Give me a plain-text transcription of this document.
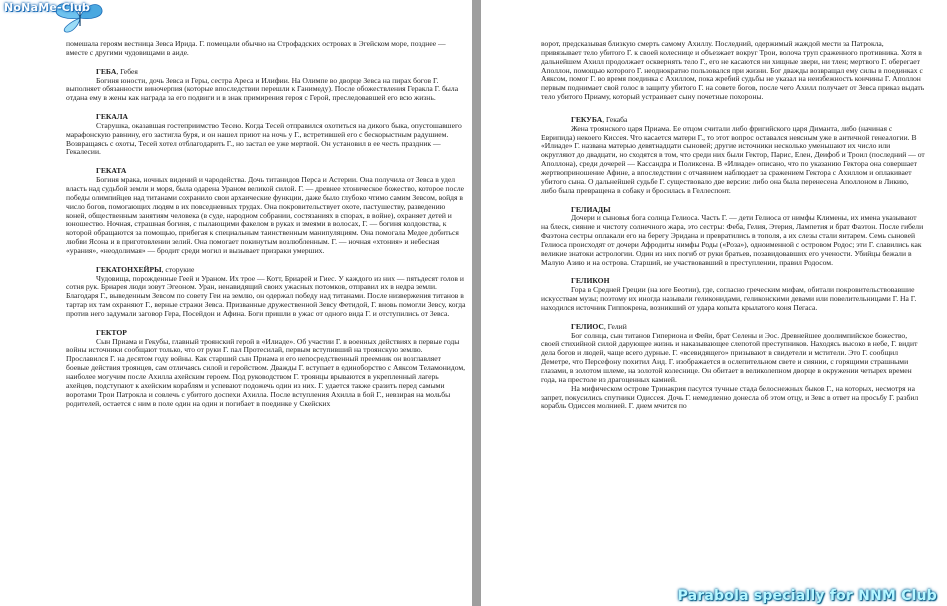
помешала героям вестница Зевса Ирида. Г. помещали обычно на Строфадских островах в Эгейском море, позднее — вместе с другими чудовищами в аиде.

ГЕБА, Гебея

Богиня юности, дочь Зевса и Геры, сестра Ареса и Илифии. На Олимпе во дворце Зевса на пирах богов Г. выполняет обязанности виночерпия (которые впоследствии перешли к Ганимеду). После обожествления Геракла Г. была отдана ему в жены как награда за его подвиги и в знак примирения героя с Герой, преследовавшей его всю жизнь.

ГЕКАЛА

Старушка, оказавшая гостеприимство Тесею. Когда Тесей отправился охотиться на дикого быка, опустошавшего марафонскую равнину, его застигла буря, и он нашел приют на ночь у Г., встретившей его с бескорыстным радушием. Возвращаясь с охоты, Тесей хотел отблагодарить Г., но застал ее уже мертвой. Он установил в ее честь праздник — Гекалесии.

ГЕКАТА

Богиня мрака, ночных видений и чародейства. Дочь титанидов Перса и Астерии. Она получила от Зевса в удел власть над судьбой земли и моря, была одарена Ураном великой силой. Г. — древнее хтоническое божество, которое после победы олимпийцев над титанами сохранило свои архаические функции, даже было глубоко чтимо самим Зевсом, войдя в число богов, помогающих людям в их повседневных трудах. Она покровительствует охоте, пастушеству, разведению коней, общественным занятиям человека (в суде, народном собрании, состязаниях в спорах, в войне), охраняет детей и юношество. Ночная, страшная богиня, с пылающими факелом в руках и змеями в волосах, Г. — богиня колдовства, к которой обращаются за помощью, прибегая к специальным таинственным манипуляциям. Она помогала Медее добиться любви Ясона и в приготовлении зелий. Она помогает покинутым возлюбленным. Г. — ночная «хтония» и небесная «урания», «неодолимая» — бродит среди могил и вызывает призраки умерших.

ГЕКАТОНХЕЙРЫ, сторукие

Чудовища, порожденные Геей и Ураном. Их трое — Котт, Бриарей и Гиес. У каждого из них — пятьдесят голов и сотня рук. Бриарея люди зовут Эгеоном. Уран, ненавидящий своих ужасных потомков, отправил их в недра земли. Благодаря Г., выведенным Зевсом по совету Геи на землю, он одержал победу над титанами. После низвержения титанов в тартар их там охраняют Г., верные стражи Зевса. Призванные дружественной Зевсу Фетидой, Г. вновь помогли Зевсу, когда против него задумали заговор Гера, Посейдон и Афина. Боги пришли в ужас от одного вида Г. и отступились от Зевса.

ГЕКТОР

Сын Приама и Гекубы, главный троянский герой в «Илиаде». Об участии Г. в военных действиях в первые годы войны источники сообщают только, что от руки Г. пал Протесилай, первым вступивший на троянскую землю. Прославился Г. на десятом году войны. Как старший сын Приама и его непосредственный преемник он возглавляет боевые действия троянцев, сам отличаясь силой и геройством. Дважды Г. вступает в единоборство с Аяксом Теламонидом, наиболее могучим после Ахилла ахейским героем. Под руководством Г. троянцы врываются в укрепленный лагерь ахейцев, подступают к ахейским кораблям и успевают подожечь один из них. Г. удается также сразить перед самыми воротами Трои Патрокла и совлечь с убитого доспехи Ахилла. После вступления Ахилла в бой Г., невзирая на мольбы родителей, остается с ним в поле один на один и погибает в поединке у Скейских

ворот, предсказывая близкую смерть самому Ахиллу. Последний, одержимый жаждой мести за Патрокла, привязывает тело убитого Г. к своей колеснице и объезжает вокруг Трои, волоча труп сраженного противника. Хотя в дальнейшем Ахилл продолжает осквернять тело Г., его не касаются ни хищные звери, ни тлен; мертвого Г. оберегает Аполлон, помощью которого Г. неоднократно пользовался при жизни. Бог дважды возвращал ему силы в поединках с Аяксом, помог Г. во время поединка с Ахиллом, пока жребий судьбы не указал на неизбежность кончины Г. Аполлон первым поднимает свой голос в защиту убитого Г. на совете богов, после чего Ахилл получает от Зевса приказ выдать тело убитого Приаму, который устраивает сыну почетные похороны.

ГЕКУБА, Гекаба

Жена троянского царя Приама. Ее отцом считали либо фригийского царя Диманта, либо (начиная с Еврипида) некоего Киссея. Что касается матери Г., то этот вопрос оставался неясным уже в античной генеалогии. В «Илиаде» Г. названа матерью девятнадцати сыновей; другие источники несколько уменьшают их число или округляют до двадцати, но сходятся в том, что среди них были Гектор, Парис, Елен, Деифоб и Троил (последний — от Аполлона), среди дочерей — Кассандра и Поликсена. В «Илиаде» описано, что по указанию Гектора она совершает жертвоприношение Афине, а впоследствии с отчаянием наблюдает за сражением Гектора с Ахиллом и оплакивает убитого сына. О дальнейшей судьбе Г. существовало две версии: либо она была перенесена Аполлоном в Ликию, либо была превращена в собаку и бросилась в Геллеспонт.

ГЕЛИАДЫ

Дочери и сыновья бога солнца Гелиоса. Часть Г. — дети Гелиоса от нимфы Климены, их имена указывают на блеск, сияние и чистоту солнечного жара, это сестры: Феба, Гелия, Этерия, Лампетия и брат Фаэтон. После гибели Фаэтона сестры оплакали его на берегу Эридана и превратились в тополя, а их слезы стали янтарем. Семь сыновей Гелиоса происходят от дочери Афродиты нимфы Роды («Роза»), одноименной с островом Родос; эти Г. славились как великие знатоки астрологии. Один из них погиб от руки братьев, позавидовавших его учености. Убийцы бежали в Малую Азию и на острова. Старший, не участвовавший в преступлении, правил Родосом.

ГЕЛИКОН

Гора в Средней Греции (на юге Беотии), где, согласно греческим мифам, обитали покровительствовавшие искусствам музы; поэтому их иногда называли геликонидами, геликонскими девами или повелительницами Г. На Г. находился источник Гиппокрена, возникший от удара копыта крылатого коня Пегаса.

ГЕЛИОС, Гелий

Бог солнца, сын титанов Гипериона и Фейи, брат Селены и Эос. Древнейшее доолимпийское божество, своей стихийной силой дарующее жизнь и наказывающее слепотой преступников. Находясь высоко в небе, Г. видит дела богов и людей, чаще всего дурные. Г. «всевидящего» призывают в свидетели и мстители. Это Г. сообщил Деметре, что Персефону похитил Аид. Г. изображается в ослепительном свете и сиянии, с горящими страшными глазами, в золотом шлеме, на золотой колеснице. Он обитает в великолепном дворце в окружении четырех времен года, на престоле из драгоценных камней.

На мифическом острове Тринакрия пасутся тучные стада белоснежных быков Г., на которых, несмотря на запрет, покусились спутники Одиссея. Дочь Г. немедленно донесла об этом отцу, и Зевс в ответ на просьбу Г. разбил корабль Одиссея молнией. Г. днем мчится по

NoNaMe-Club
Parabola specially for NNM Club
